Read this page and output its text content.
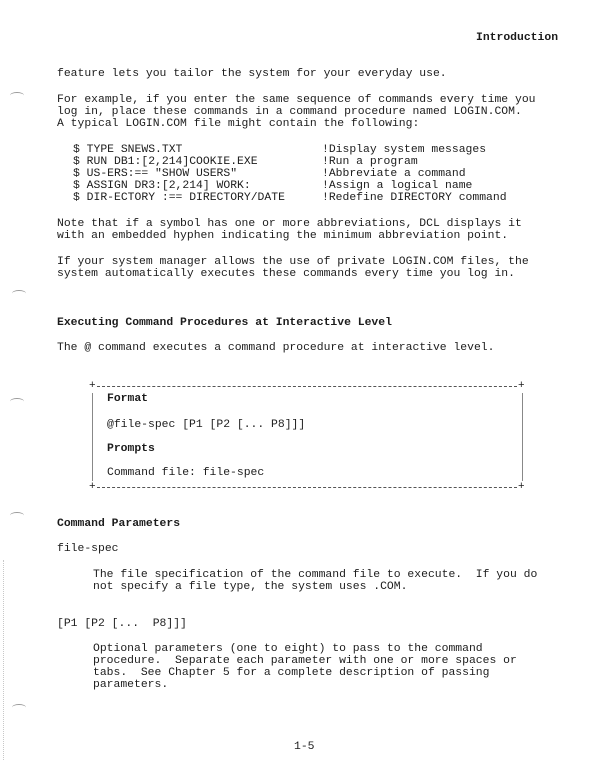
Introduction
feature lets you tailor the system for your everyday use.
For example, if you enter the same sequence of commands every time you
log in, place these commands in a command procedure named LOGIN.COM.
A typical LOGIN.COM file might contain the following:
$ TYPE SNEWS.TXT	!Display system messages
$ RUN DB1:[2,214]COOKIE.EXE	!Run a program
$ US-ERS:== "SHOW USERS"	!Abbreviate a command
$ ASSIGN DR3:[2,214] WORK:	!Assign a logical name
$ DIR-ECTORY :== DIRECTORY/DATE	!Redefine DIRECTORY command
Note that if a symbol has one or more abbreviations, DCL displays it
with an embedded hyphen indicating the minimum abbreviation point.
If your system manager allows the use of private LOGIN.COM files, the
system automatically executes these commands every time you log in.
Executing Command Procedures at Interactive Level
The @ command executes a command procedure at interactive level.
+	+
+	+
Format
@file-spec [P1 [P2 [... P8]]]
Prompts
Command file: file-spec
Command Parameters
file-spec
The file specification of the command file to execute.  If you do
not specify a file type, the system uses .COM.
[P1 [P2 [...  P8]]]
Optional parameters (one to eight) to pass to the command
procedure.  Separate each parameter with one or more spaces or
tabs.  See Chapter 5 for a complete description of passing
parameters.
1-5
